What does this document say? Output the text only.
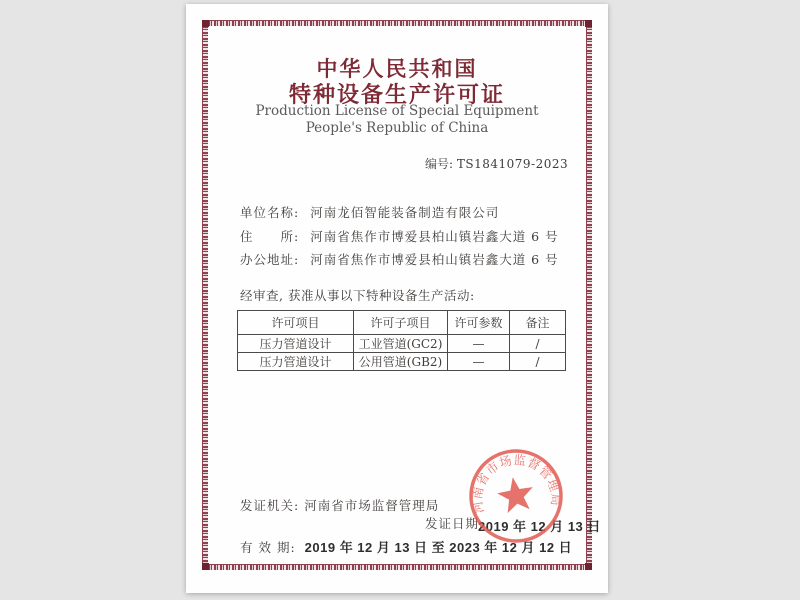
中华人民共和国
特种设备生产许可证
Production License of Special Equipment
People's Republic of China
编号: TS1841079-2023
单位名称: 河南龙佰智能装备制造有限公司
住　　所: 河南省焦作市博爱县柏山镇岩鑫大道 6 号
办公地址: 河南省焦作市博爱县柏山镇岩鑫大道 6 号
经审查, 获准从事以下特种设备生产活动:
许可项目	许可子项目	许可参数	备注
压力管道设计	工业管道(GC2)	—	/
压力管道设计	公用管道(GB2)	—	/
发证机关: 河南省市场监督管理局
发证日期:
2019 年 12 月 13 日
有 效 期: 2019 年 12 月 13 日 至 2023 年 12 月 12 日
河南省市场监督管理局
